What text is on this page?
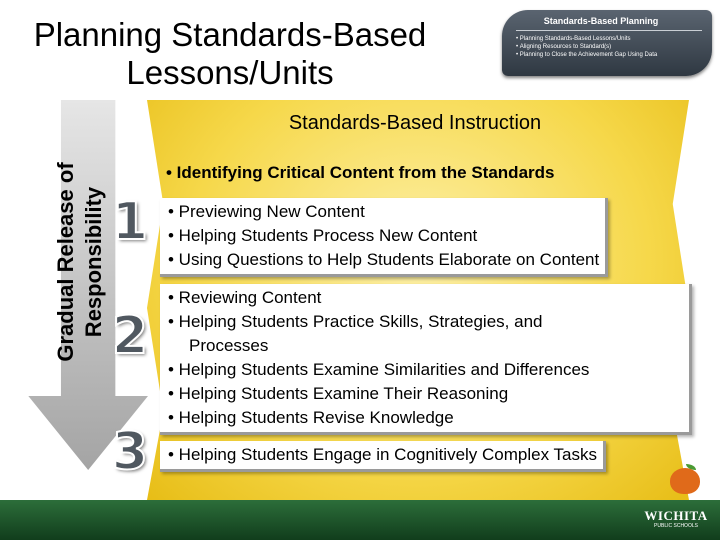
Planning Standards-Based
Lessons/Units
Standards-Based Planning
• Planning Standards-Based Lessons/Units
• Aligning Resources to Standard(s)
• Planning to Close the Achievement Gap Using Data
Standards-Based Instruction
Gradual Release of Responsibility 1
2
3
• Identifying Critical Content from the Standards
• Previewing New Content
• Helping Students Process New Content
• Using Questions to Help Students Elaborate on Content
• Reviewing Content
• Helping Students Practice Skills, Strategies, and
Processes
• Helping Students Examine Similarities and Differences
• Helping Students Examine Their Reasoning
• Helping Students Revise Knowledge
• Helping Students Engage in Cognitively Complex Tasks
WICHITA
PUBLIC SCHOOLS
